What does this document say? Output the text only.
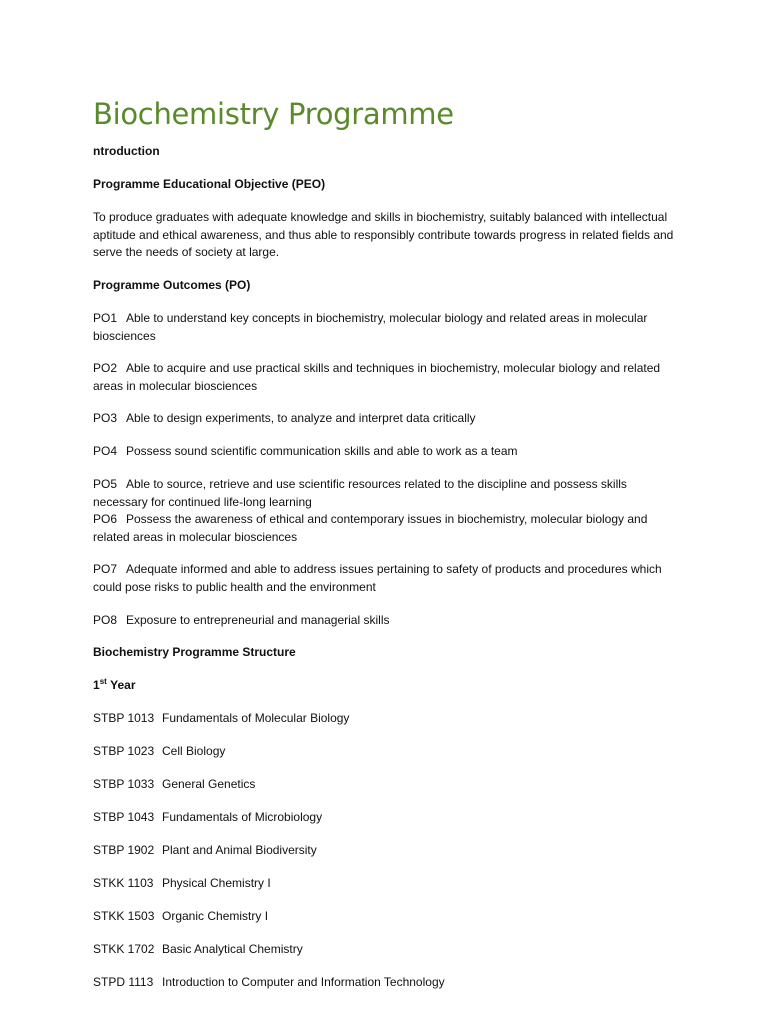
Biochemistry Programme
ntroduction
Programme Educational Objective (PEO)
To produce graduates with adequate knowledge and skills in biochemistry, suitably balanced with intellectual aptitude and ethical awareness, and thus able to responsibly contribute towards progress in related fields and serve the needs of society at large.
Programme Outcomes (PO)
PO1 Able to understand key concepts in biochemistry, molecular biology and related areas in molecular biosciences
PO2 Able to acquire and use practical skills and techniques in biochemistry, molecular biology and related areas in molecular biosciences
PO3 Able to design experiments, to analyze and interpret data critically
PO4 Possess sound scientific communication skills and able to work as a team
PO5 Able to source, retrieve and use scientific resources related to the discipline and possess skills necessary for continued life-long learning
PO6 Possess the awareness of ethical and contemporary issues in biochemistry, molecular biology and related areas in molecular biosciences
PO7 Adequate informed and able to address issues pertaining to safety of products and procedures which could pose risks to public health and the environment
PO8 Exposure to entrepreneurial and managerial skills
Biochemistry Programme Structure
1st Year
STBP 1013 Fundamentals of Molecular Biology
STBP 1023 Cell Biology
STBP 1033 General Genetics
STBP 1043 Fundamentals of Microbiology
STBP 1902 Plant and Animal Biodiversity
STKK 1103 Physical Chemistry I
STKK 1503 Organic Chemistry I
STKK 1702 Basic Analytical Chemistry
STPD 1113 Introduction to Computer and Information Technology
